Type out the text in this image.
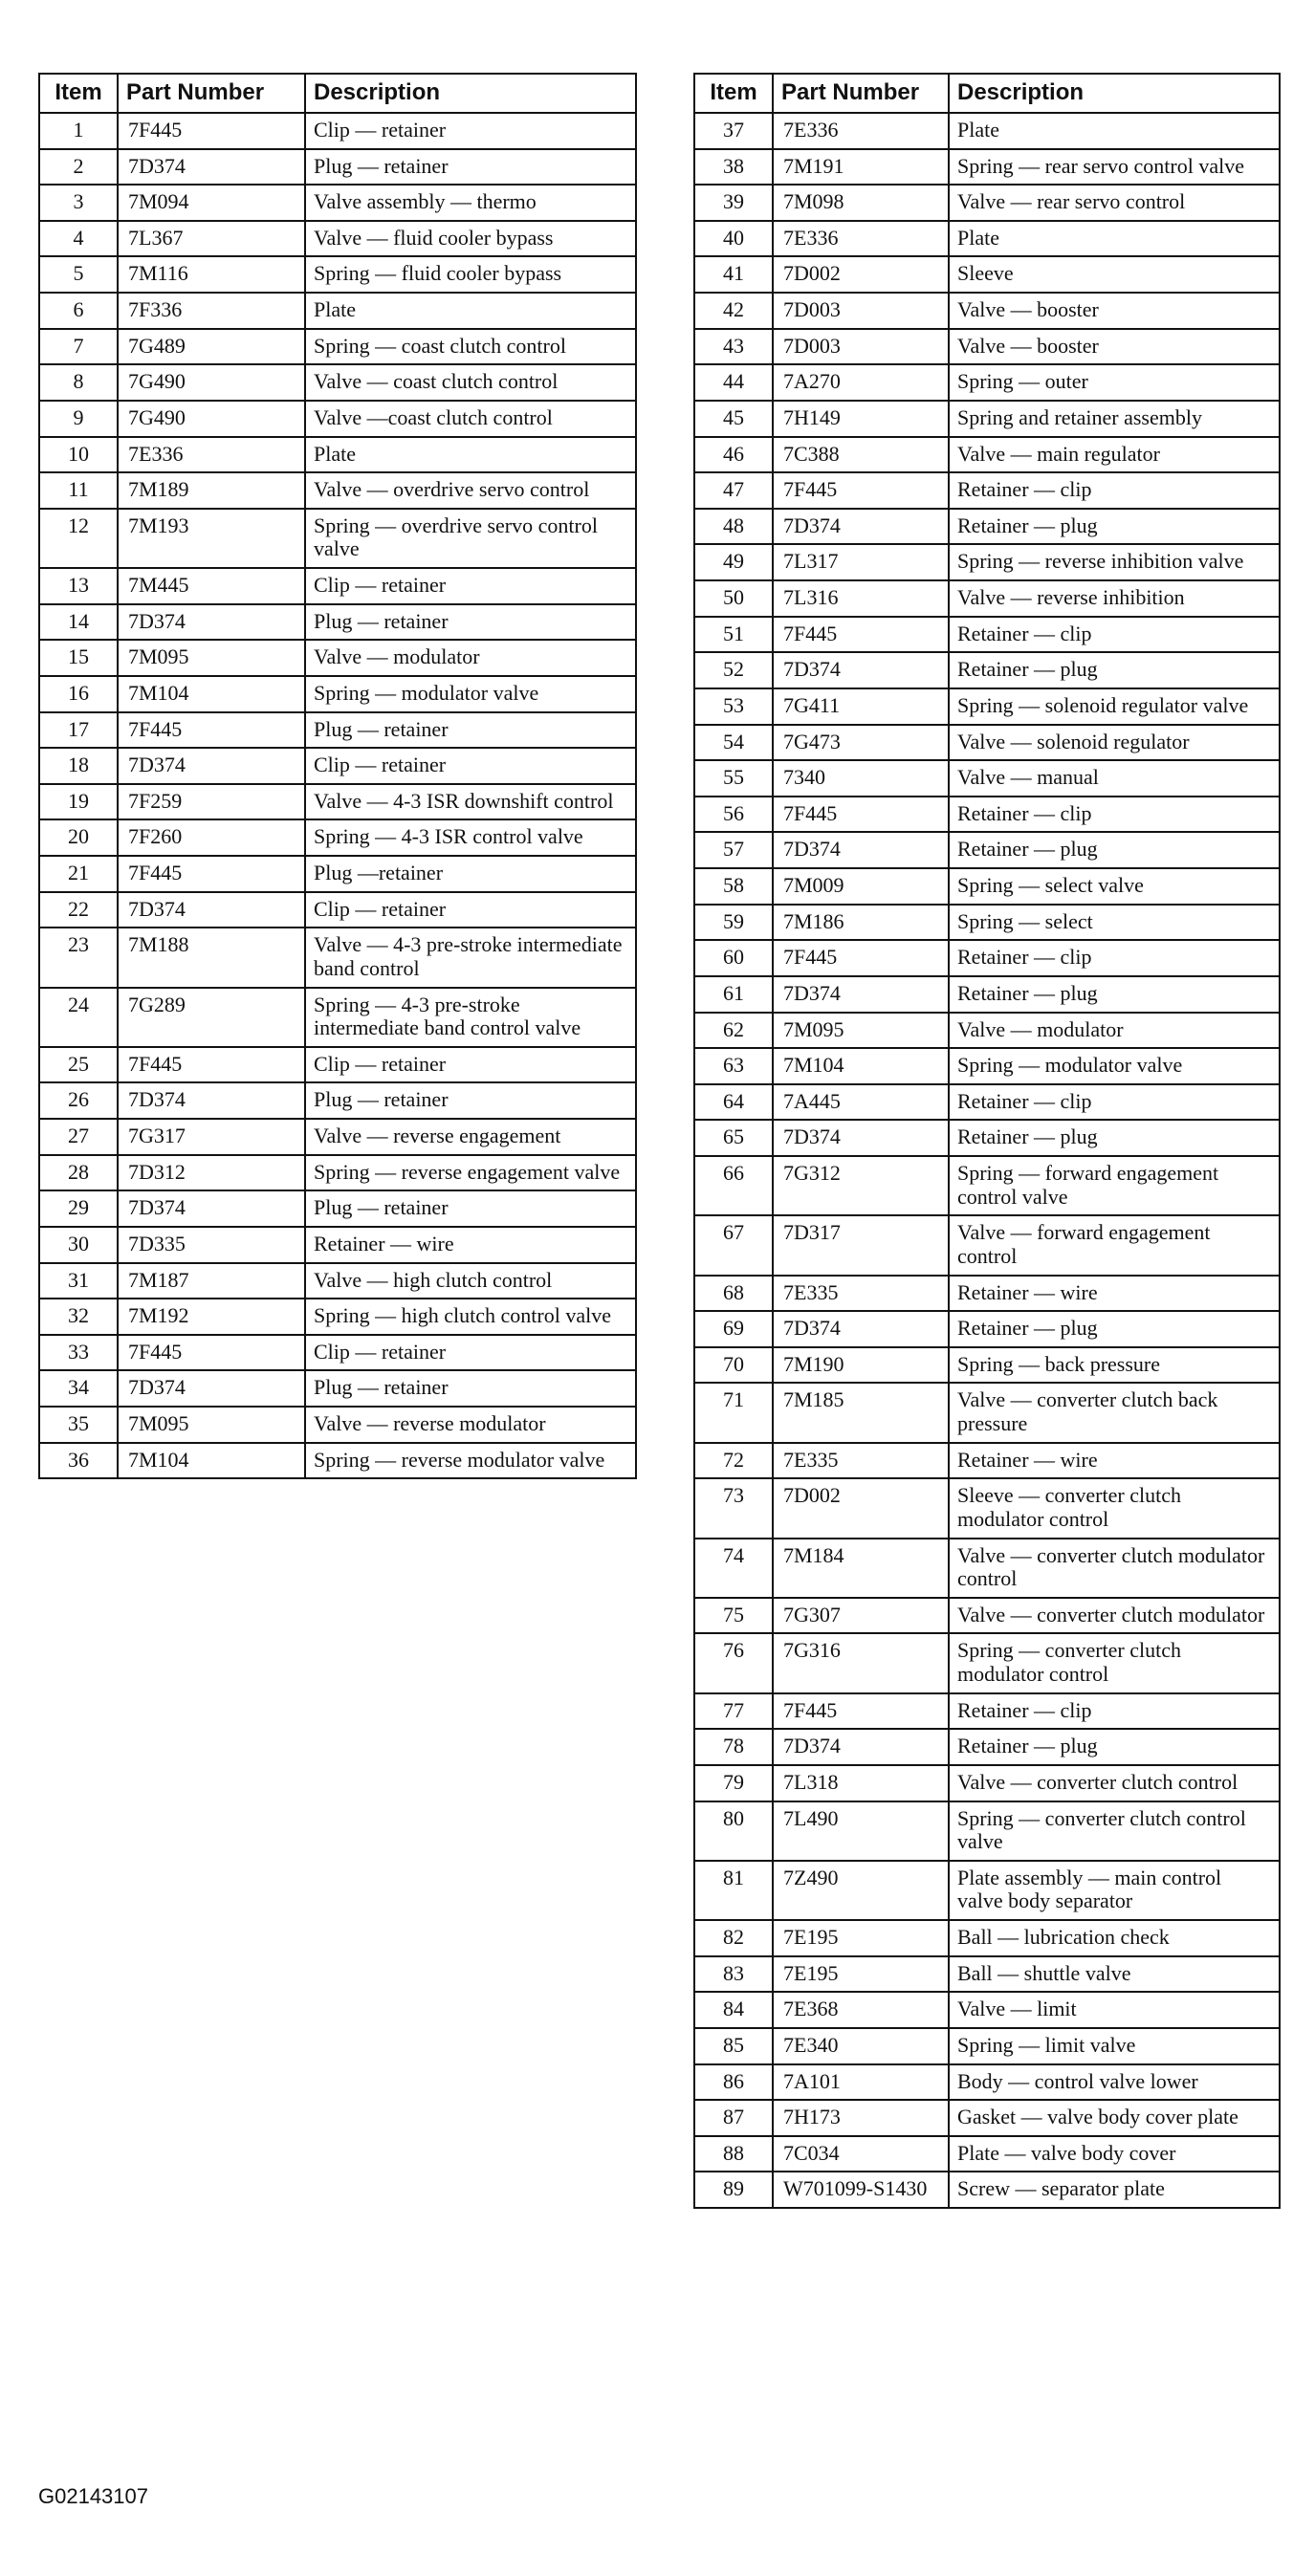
Item	Part Number	Description
1	7F445	Clip — retainer
2	7D374	Plug — retainer
3	7M094	Valve assembly — thermo
4	7L367	Valve — fluid cooler bypass
5	7M116	Spring — fluid cooler bypass
6	7F336	Plate
7	7G489	Spring — coast clutch control
8	7G490	Valve — coast clutch control
9	7G490	Valve —coast clutch control
10	7E336	Plate
11	7M189	Valve — overdrive servo control
12	7M193	Spring — overdrive servo control valve
13	7M445	Clip — retainer
14	7D374	Plug — retainer
15	7M095	Valve — modulator
16	7M104	Spring — modulator valve
17	7F445	Plug — retainer
18	7D374	Clip — retainer
19	7F259	Valve — 4-3 ISR downshift control
20	7F260	Spring — 4-3 ISR control valve
21	7F445	Plug —retainer
22	7D374	Clip — retainer
23	7M188	Valve — 4-3 pre-stroke intermediate band control
24	7G289	Spring — 4-3 pre-stroke intermediate band control valve
25	7F445	Clip — retainer
26	7D374	Plug — retainer
27	7G317	Valve — reverse engagement
28	7D312	Spring — reverse engagement valve
29	7D374	Plug — retainer
30	7D335	Retainer — wire
31	7M187	Valve — high clutch control
32	7M192	Spring — high clutch control valve
33	7F445	Clip — retainer
34	7D374	Plug — retainer
35	7M095	Valve — reverse modulator
36	7M104	Spring — reverse modulator valve
Item	Part Number	Description
37	7E336	Plate
38	7M191	Spring — rear servo control valve
39	7M098	Valve — rear servo control
40	7E336	Plate
41	7D002	Sleeve
42	7D003	Valve — booster
43	7D003	Valve — booster
44	7A270	Spring — outer
45	7H149	Spring and retainer assembly
46	7C388	Valve — main regulator
47	7F445	Retainer — clip
48	7D374	Retainer — plug
49	7L317	Spring — reverse inhibition valve
50	7L316	Valve — reverse inhibition
51	7F445	Retainer — clip
52	7D374	Retainer — plug
53	7G411	Spring — solenoid regulator valve
54	7G473	Valve — solenoid regulator
55	7340	Valve — manual
56	7F445	Retainer — clip
57	7D374	Retainer — plug
58	7M009	Spring — select valve
59	7M186	Spring — select
60	7F445	Retainer — clip
61	7D374	Retainer — plug
62	7M095	Valve — modulator
63	7M104	Spring — modulator valve
64	7A445	Retainer — clip
65	7D374	Retainer — plug
66	7G312	Spring — forward engagement control valve
67	7D317	Valve — forward engagement control
68	7E335	Retainer — wire
69	7D374	Retainer — plug
70	7M190	Spring — back pressure
71	7M185	Valve — converter clutch back pressure
72	7E335	Retainer — wire
73	7D002	Sleeve — converter clutch modulator control
74	7M184	Valve — converter clutch modulator control
75	7G307	Valve — converter clutch modulator
76	7G316	Spring — converter clutch modulator control
77	7F445	Retainer — clip
78	7D374	Retainer — plug
79	7L318	Valve — converter clutch control
80	7L490	Spring — converter clutch control valve
81	7Z490	Plate assembly — main control valve body separator
82	7E195	Ball — lubrication check
83	7E195	Ball — shuttle valve
84	7E368	Valve — limit
85	7E340	Spring — limit valve
86	7A101	Body — control valve lower
87	7H173	Gasket — valve body cover plate
88	7C034	Plate — valve body cover
89	W701099-S1430	Screw — separator plate
G02143107
